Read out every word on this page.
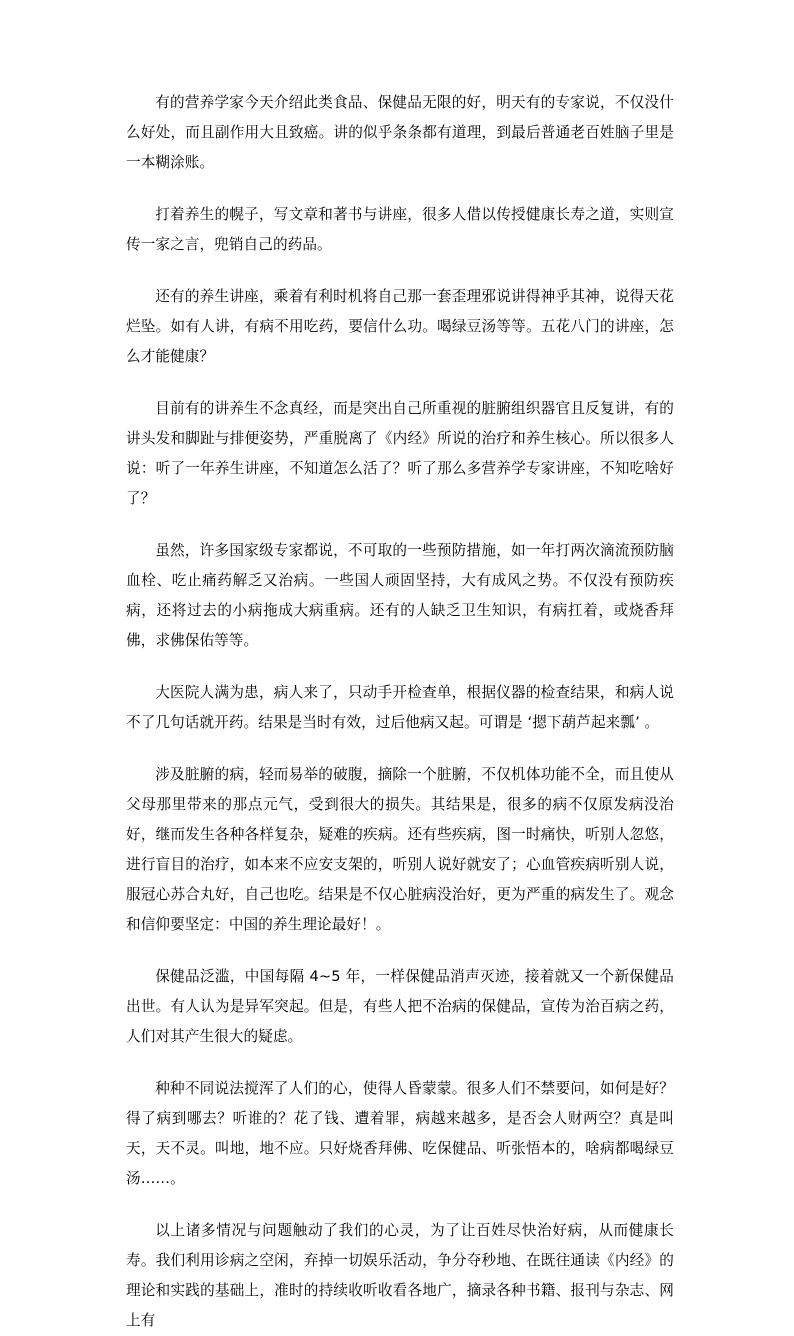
有的营养学家今天介绍此类食品、保健品无限的好，明天有的专家说，不仅没什么好处，而且副作用大且致癌。讲的似乎条条都有道理，到最后普通老百姓脑子里是一本糊涂账。

打着养生的幌子，写文章和著书与讲座，很多人借以传授健康长寿之道，实则宣传一家之言，兜销自己的药品。

还有的养生讲座，乘着有利时机将自己那一套歪理邪说讲得神乎其神，说得天花烂坠。如有人讲，有病不用吃药，要信什么功。喝绿豆汤等等。五花八门的讲座，怎么才能健康？

目前有的讲养生不念真经，而是突出自己所重视的脏腑组织器官且反复讲，有的讲头发和脚趾与排便姿势，严重脱离了《内经》所说的治疗和养生核心。所以很多人说：听了一年养生讲座，不知道怎么活了？听了那么多营养学专家讲座，不知吃啥好了？

虽然，许多国家级专家都说，不可取的一些预防措施，如一年打两次滴流预防脑血栓、吃止痛药解乏又治病。一些国人顽固坚持，大有成风之势。不仅没有预防疾病，还将过去的小病拖成大病重病。还有的人缺乏卫生知识，有病扛着，或烧香拜佛，求佛保佑等等。

大医院人满为患，病人来了，只动手开检查单，根据仪器的检查结果，和病人说不了几句话就开药。结果是当时有效，过后他病又起。可谓是 ‘摁下葫芦起来瓢’ 。

涉及脏腑的病，轻而易举的破腹，摘除一个脏腑，不仅机体功能不全，而且使从父母那里带来的那点元气，受到很大的损失。其结果是，很多的病不仅原发病没治好，继而发生各种各样复杂，疑难的疾病。还有些疾病，图一时痛快，听别人忽悠，进行盲目的治疗，如本来不应安支架的，听别人说好就安了；心血管疾病听别人说，服冠心苏合丸好，自己也吃。结果是不仅心脏病没治好，更为严重的病发生了。观念和信仰要坚定：中国的养生理论最好！。

保健品泛滥，中国每隔 4~5 年，一样保健品消声灭迹，接着就又一个新保健品出世。有人认为是异军突起。但是，有些人把不治病的保健品，宣传为治百病之药，人们对其产生很大的疑虑。

种种不同说法搅浑了人们的心，使得人昏蒙蒙。很多人们不禁要问，如何是好？得了病到哪去？听谁的？花了钱、遭着罪，病越来越多，是否会人财两空？真是叫天，天不灵。叫地，地不应。只好烧香拜佛、吃保健品、听张悟本的，啥病都喝绿豆汤……。

以上诸多情况与问题触动了我们的心灵，为了让百姓尽快治好病，从而健康长寿。我们利用诊病之空闲，弃掉一切娱乐活动，争分夺秒地、在既往通读《内经》的理论和实践的基础上，准时的持续收听收看各地广，摘录各种书籍、报刊与杂志、网上有
